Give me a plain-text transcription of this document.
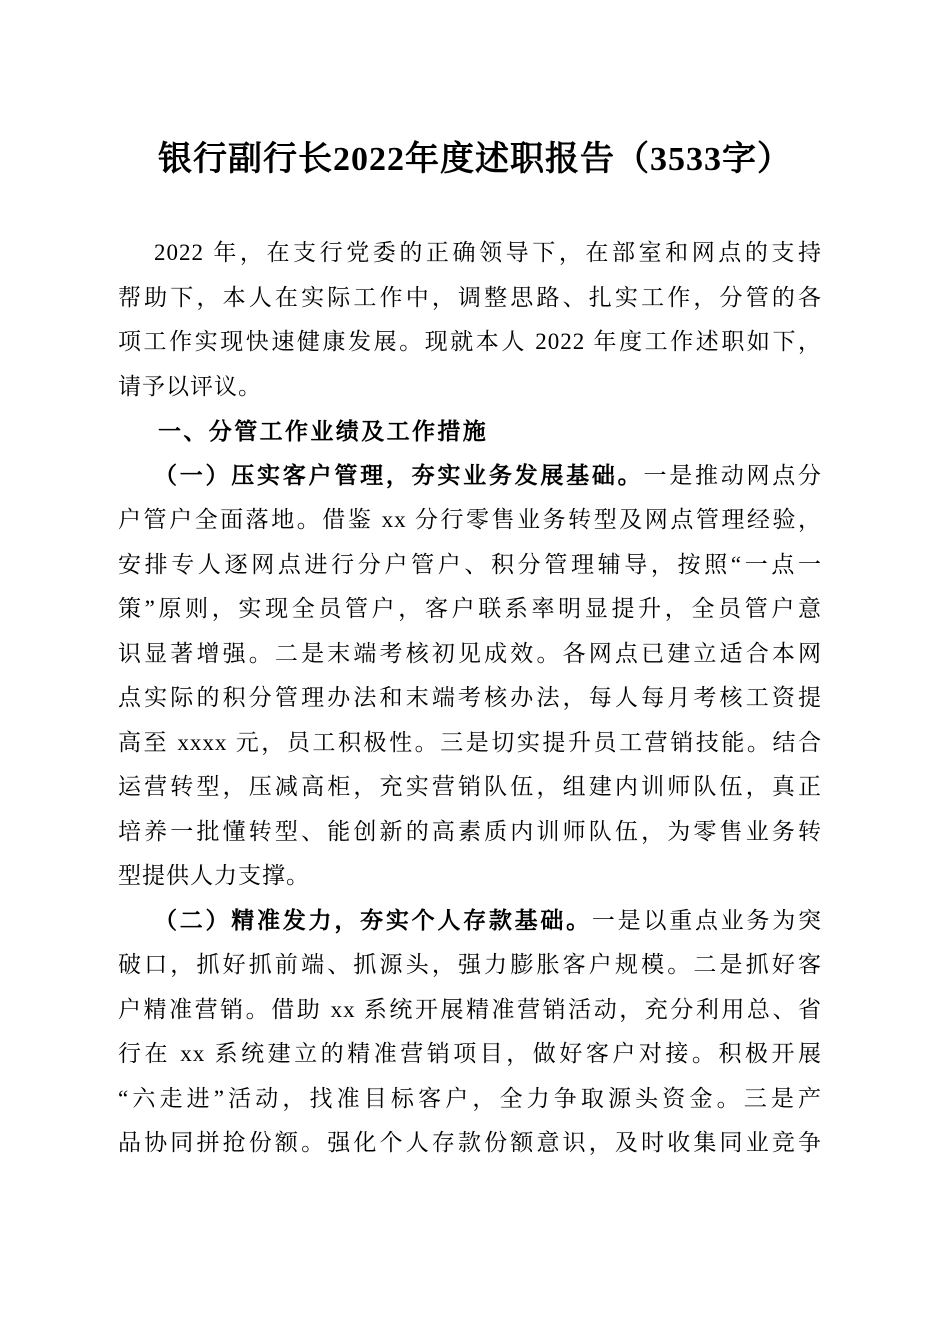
银行副行长2022年度述职报告（3533字）
2022 年，在支行党委的正确领导下，在部室和网点的支持
帮助下，本人在实际工作中，调整思路、扎实工作，分管的各
项工作实现快速健康发展。现就本人 2022 年度工作述职如下，
请予以评议。
一、分管工作业绩及工作措施
（一）压实客户管理，夯实业务发展基础。一是推动网点分
户管户全面落地。借鉴 xx 分行零售业务转型及网点管理经验，
安排专人逐网点进行分户管户、积分管理辅导，按照“一点一
策”原则，实现全员管户，客户联系率明显提升，全员管户意
识显著增强。二是末端考核初见成效。各网点已建立适合本网
点实际的积分管理办法和末端考核办法，每人每月考核工资提
高至 xxxx 元，员工积极性。三是切实提升员工营销技能。结合
运营转型，压减高柜，充实营销队伍，组建内训师队伍，真正
培养一批懂转型、能创新的高素质内训师队伍，为零售业务转
型提供人力支撑。
（二）精准发力，夯实个人存款基础。一是以重点业务为突
破口，抓好抓前端、抓源头，强力膨胀客户规模。二是抓好客
户精准营销。借助 xx 系统开展精准营销活动，充分利用总、省
行在 xx 系统建立的精准营销项目，做好客户对接。积极开展
“六走进”活动，找准目标客户，全力争取源头资金。三是产
品协同拼抢份额。强化个人存款份额意识，及时收集同业竞争
